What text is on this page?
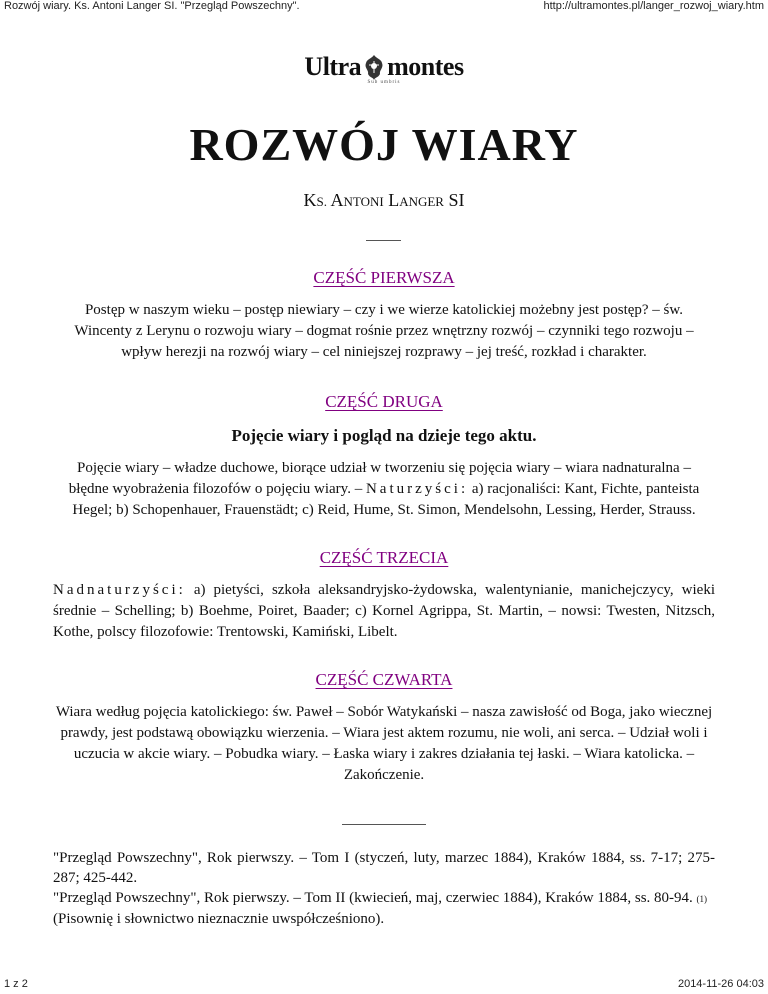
Rozwój wiary. Ks. Antoni Langer SI. "Przegląd Powszechny".	http://ultramontes.pl/langer_rozwoj_wiary.htm
Ultra montes
Sub umbris
ROZWÓJ WIARY
KS. ANTONI LANGER SI
CZĘŚĆ PIERWSZA
Postęp w naszym wieku – postęp niewiary – czy i we wierze katolickiej możebny jest postęp? – św. Wincenty z Lerynu o rozwoju wiary – dogmat rośnie przez wnętrzny rozwój – czynniki tego rozwoju – wpływ herezji na rozwój wiary – cel niniejszej rozprawy – jej treść, rozkład i charakter.
CZĘŚĆ DRUGA
Pojęcie wiary i pogląd na dzieje tego aktu.
Pojęcie wiary – władze duchowe, biorące udział w tworzeniu się pojęcia wiary – wiara nadnaturalna – błędne wyobrażenia filozofów o pojęciu wiary. – Naturzyści: a) racjonaliści: Kant, Fichte, panteista Hegel; b) Schopenhauer, Frauenstädt; c) Reid, Hume, St. Simon, Mendelsohn, Lessing, Herder, Strauss.
CZĘŚĆ TRZECIA
Nadnaturzyści: a) pietyści, szkoła aleksandryjsko-żydowska, walentynianie, manichejczycy, wieki średnie – Schelling; b) Boehme, Poiret, Baader; c) Kornel Agrippa, St. Martin, – nowsi: Twesten, Nitzsch, Kothe, polscy filozofowie: Trentowski, Kamiński, Libelt.
CZĘŚĆ CZWARTA
Wiara według pojęcia katolickiego: św. Paweł – Sobór Watykański – nasza zawisłość od Boga, jako wiecznej prawdy, jest podstawą obowiązku wierzenia. – Wiara jest aktem rozumu, nie woli, ani serca. – Udział woli i uczucia w akcie wiary. – Pobudka wiary. – Łaska wiary i zakres działania tej łaski. – Wiara katolicka. – Zakończenie.
"Przegląd Powszechny", Rok pierwszy. – Tom I (styczeń, luty, marzec 1884), Kraków 1884, ss. 7-17; 275-287; 425-442.
"Przegląd Powszechny", Rok pierwszy. – Tom II (kwiecień, maj, czerwiec 1884), Kraków 1884, ss. 80-94. (1)
(Pisownię i słownictwo nieznacznie uwspółcześniono).
1 z 2	2014-11-26 04:03
